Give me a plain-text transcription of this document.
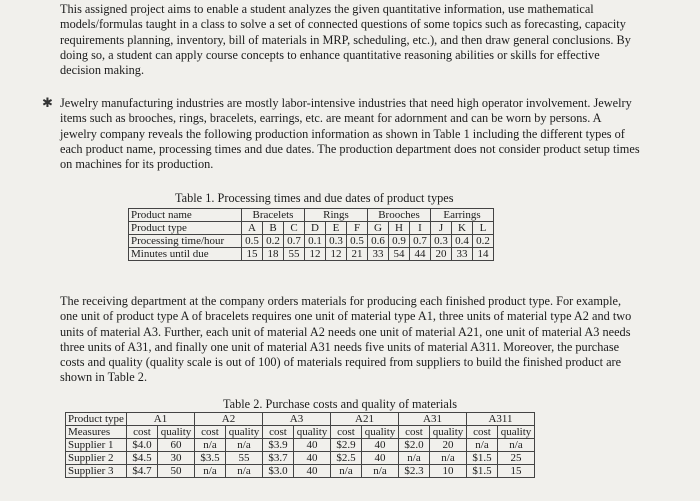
This assigned project aims to enable a student analyzes the given quantitative information, use mathematical models/formulas taught in a class to solve a set of connected questions of some topics such as forecasting, capacity requirements planning, inventory, bill of materials in MRP, scheduling, etc.), and then draw general conclusions. By doing so, a student can apply course concepts to enhance quantitative reasoning abilities or skills for effective decision making.

✱ Jewelry manufacturing industries are mostly labor-intensive industries that need high operator involvement. Jewelry items such as brooches, rings, bracelets, earrings, etc. are meant for adornment and can be worn by persons. A jewelry company reveals the following production information as shown in Table 1 including the different types of each product name, processing times and due dates. The production department does not consider product setup times on machines for its production.

Table 1. Processing times and due dates of product types
Product name	Bracelets			Rings			Brooches			Earrings		
Product type	A	B	C	D	E	F	G	H	I	J	K	L
Processing time/hour	0.5	0.2	0.7	0.1	0.3	0.5	0.6	0.9	0.7	0.3	0.4	0.2
Minutes until due	15	18	55	12	12	21	33	54	44	20	33	14

The receiving department at the company orders materials for producing each finished product type. For example, one unit of product type A of bracelets requires one unit of material type A1, three units of material type A2 and two units of material A3. Further, each unit of material A2 needs one unit of material A21, one unit of material A3 needs three units of A31, and finally one unit of material A31 needs five units of material A311. Moreover, the purchase costs and quality (quality scale is out of 100) of materials required from suppliers to build the finished product are shown in Table 2.

Table 2. Purchase costs and quality of materials
Product type	A1		A2		A3		A21		A31		A311	
Measures	cost	quality	cost	quality	cost	quality	cost	quality	cost	quality	cost	quality
Supplier 1	$4.0	60	n/a	n/a	$3.9	40	$2.9	40	$2.0	20	n/a	n/a
Supplier 2	$4.5	30	$3.5	55	$3.7	40	$2.5	40	n/a	n/a	$1.5	25
Supplier 3	$4.7	50	n/a	n/a	$3.0	40	n/a	n/a	$2.3	10	$1.5	15
